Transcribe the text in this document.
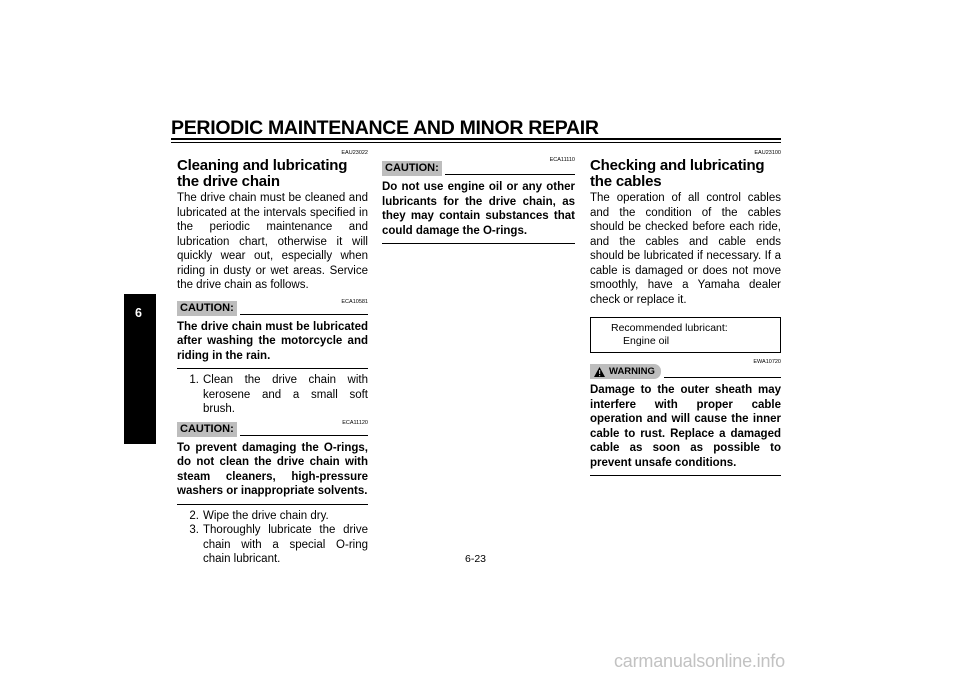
PERIODIC MAINTENANCE AND MINOR REPAIR
6
EAU23022
Cleaning and lubricating the drive chain

The drive chain must be cleaned and lubricated at the intervals specified in the periodic maintenance and lubrication chart, otherwise it will quickly wear out, especially when riding in dusty or wet areas. Service the drive chain as follows.

ECA10581
CAUTION:

The drive chain must be lubricated after washing the motorcycle and riding in the rain.

1. Clean the drive chain with kerosene and a small soft brush.
ECA11120
CAUTION:

To prevent damaging the O-rings, do not clean the drive chain with steam cleaners, high-pressure washers or inappropriate solvents.

2. Wipe the drive chain dry.
3. Thoroughly lubricate the drive chain with a special O-ring chain lubricant.
ECA11110
CAUTION:

Do not use engine oil or any other lubricants for the drive chain, as they may contain substances that could damage the O-rings.

EAU23100
Checking and lubricating the cables

The operation of all control cables and the condition of the cables should be checked before each ride, and the cables and cable ends should be lubricated if necessary. If a cable is damaged or does not move smoothly, have a Yamaha dealer check or replace it.

Recommended lubricant:
Engine oil
EWA10720
WARNING

Damage to the outer sheath may interfere with proper cable operation and will cause the inner cable to rust. Replace a damaged cable as soon as possible to prevent unsafe conditions.

6-23
carmanualsonline.info
